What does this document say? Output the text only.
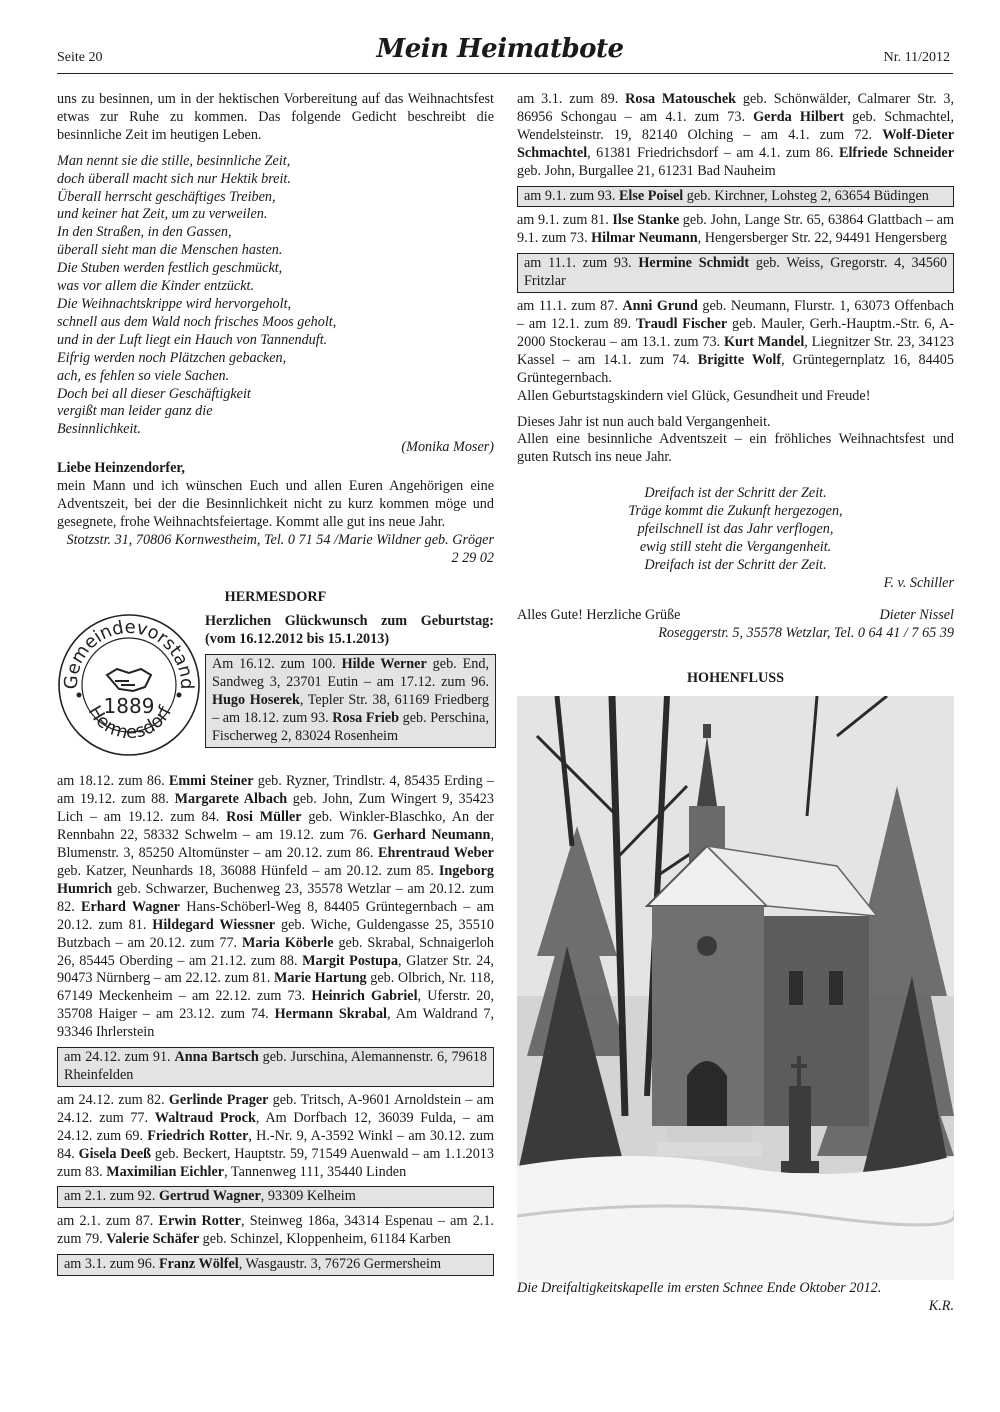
Seite 20	Mein Heimatbote	Nr. 11/2012

uns zu besinnen, um in der hektischen Vorbereitung auf das Weihnachtsfest etwas zur Ruhe zu kommen. Das folgende Gedicht beschreibt die besinnliche Zeit im heutigen Leben.

Man nennt sie die stille, besinnliche Zeit,
doch überall macht sich nur Hektik breit.
Überall herrscht geschäftiges Treiben,
und keiner hat Zeit, um zu verweilen.
In den Straßen, in den Gassen,
überall sieht man die Menschen hasten.
Die Stuben werden festlich geschmückt,
was vor allem die Kinder entzückt.
Die Weihnachtskrippe wird hervorgeholt,
schnell aus dem Wald noch frisches Moos geholt,
und in der Luft liegt ein Hauch von Tannenduft.
Eifrig werden noch Plätzchen gebacken,
ach, es fehlen so viele Sachen.
Doch bei all dieser Geschäftigkeit
vergißt man leider ganz die
Besinnlichkeit.
(Monika Moser)
Liebe Heinzendorfer,

mein Mann und ich wünschen Euch und allen Euren Angehörigen eine Adventszeit, bei der die Besinnlichkeit nicht zu kurz kommen möge und gesegnete, frohe Weihnachtsfeiertage. Kommt alle gut ins neue Jahr.
Marie Wildner geb. Gröger

Stotzstr. 31, 70806 Kornwestheim, Tel. 0 71 54 / 2 29 02
HERMESDORF
Gemeindevorstand
Hermesdorf
1889
Herzlichen Glückwunsch zum Geburtstag: (vom 16.12.2012 bis 15.1.2013)
Am 16.12. zum 100. Hilde Werner geb. End, Sandweg 3, 23701 Eutin – am 17.12. zum 96. Hugo Hoserek, Tepler Str. 38, 61169 Friedberg – am 18.12. zum 93. Rosa Frieb geb. Perschina, Fischerweg 2, 83024 Rosenheim

am 18.12. zum 86. Emmi Steiner geb. Ryzner, Trindlstr. 4, 85435 Erding – am 19.12. zum 88. Margarete Albach geb. John, Zum Wingert 9, 35423 Lich – am 19.12. zum 84. Rosi Müller geb. Winkler-Blaschko, An der Rennbahn 22, 58332 Schwelm – am 19.12. zum 76. Gerhard Neumann, Blumenstr. 3, 85250 Altomünster – am 20.12. zum 86. Ehrentraud Weber geb. Katzer, Neunhards 18, 36088 Hünfeld – am 20.12. zum 85. Ingeborg Humrich geb. Schwarzer, Buchenweg 23, 35578 Wetzlar – am 20.12. zum 82. Erhard Wagner Hans-Schöberl-Weg 8, 84405 Grüntegernbach – am 20.12. zum 81. Hildegard Wiessner geb. Wiche, Guldengasse 25, 35510 Butzbach – am 20.12. zum 77. Maria Köberle geb. Skrabal, Schnaigerloh 26, 85445 Oberding – am 21.12. zum 88. Margit Postupa, Glatzer Str. 24, 90473 Nürnberg – am 22.12. zum 81. Marie Hartung geb. Olbrich, Nr. 118, 67149 Meckenheim – am 22.12. zum 73. Heinrich Gabriel, Uferstr. 20, 35708 Haiger – am 23.12. zum 74. Hermann Skrabal, Am Waldrand 7, 93346 Ihrlerstein

am 24.12. zum 91. Anna Bartsch geb. Jurschina, Alemannenstr. 6, 79618 Rheinfelden

am 24.12. zum 82. Gerlinde Prager geb. Tritsch, A-9601 Arnoldstein – am 24.12. zum 77. Waltraud Prock, Am Dorfbach 12, 36039 Fulda, – am 24.12. zum 69. Friedrich Rotter, H.-Nr. 9, A-3592 Winkl – am 30.12. zum 84. Gisela Deeß geb. Beckert, Hauptstr. 59, 71549 Auenwald – am 1.1.2013 zum 83. Maximilian Eichler, Tannenweg 111, 35440 Linden

am 2.1. zum 92. Gertrud Wagner, 93309 Kelheim

am 2.1. zum 87. Erwin Rotter, Steinweg 186a, 34314 Espenau – am 2.1. zum 79. Valerie Schäfer geb. Schinzel, Kloppenheim, 61184 Karben

am 3.1. zum 96. Franz Wölfel, Wasgaustr. 3, 76726 Germersheim

am 3.1. zum 89. Rosa Matouschek geb. Schönwälder, Calmarer Str. 3, 86956 Schongau – am 4.1. zum 73. Gerda Hilbert geb. Schmachtel, Wendelsteinstr. 19, 82140 Olching – am 4.1. zum 72. Wolf-Dieter Schmachtel, 61381 Friedrichsdorf – am 4.1. zum 86. Elfriede Schneider geb. John, Burgallee 21, 61231 Bad Nauheim

am 9.1. zum 93. Else Poisel geb. Kirchner, Lohsteg 2, 63654 Büdingen

am 9.1. zum 81. Ilse Stanke geb. John, Lange Str. 65, 63864 Glattbach – am 9.1. zum 73. Hilmar Neumann, Hengersberger Str. 22, 94491 Hengersberg

am 11.1. zum 93. Hermine Schmidt geb. Weiss, Gregorstr. 4, 34560 Fritzlar

am 11.1. zum 87. Anni Grund geb. Neumann, Flurstr. 1, 63073 Offenbach – am 12.1. zum 89. Traudl Fischer geb. Mauler, Gerh.-Hauptm.-Str. 6, A-2000 Stockerau – am 13.1. zum 73. Kurt Mandel, Liegnitzer Str. 23, 34123 Kassel – am 14.1. zum 74. Brigitte Wolf, Grüntegernplatz 16, 84405 Grüntegernbach.

Allen Geburtstagskindern viel Glück, Gesundheit und Freude!

Dieses Jahr ist nun auch bald Vergangenheit.

Allen eine besinnliche Adventszeit – ein fröhliches Weihnachtsfest und guten Rutsch ins neue Jahr.

Dreifach ist der Schritt der Zeit.
Träge kommt die Zukunft hergezogen,
pfeilschnell ist das Jahr verflogen,
ewig still steht die Vergangenheit.
Dreifach ist der Schritt der Zeit.
F. v. Schiller
Alles Gute! Herzliche Grüße	Dieter Nissel
Roseggerstr. 5, 35578 Wetzlar, Tel. 0 64 41 / 7 65 39
HOHENFLUSS
Die Dreifaltigkeitskapelle im ersten Schnee Ende Oktober 2012.
K.R.
